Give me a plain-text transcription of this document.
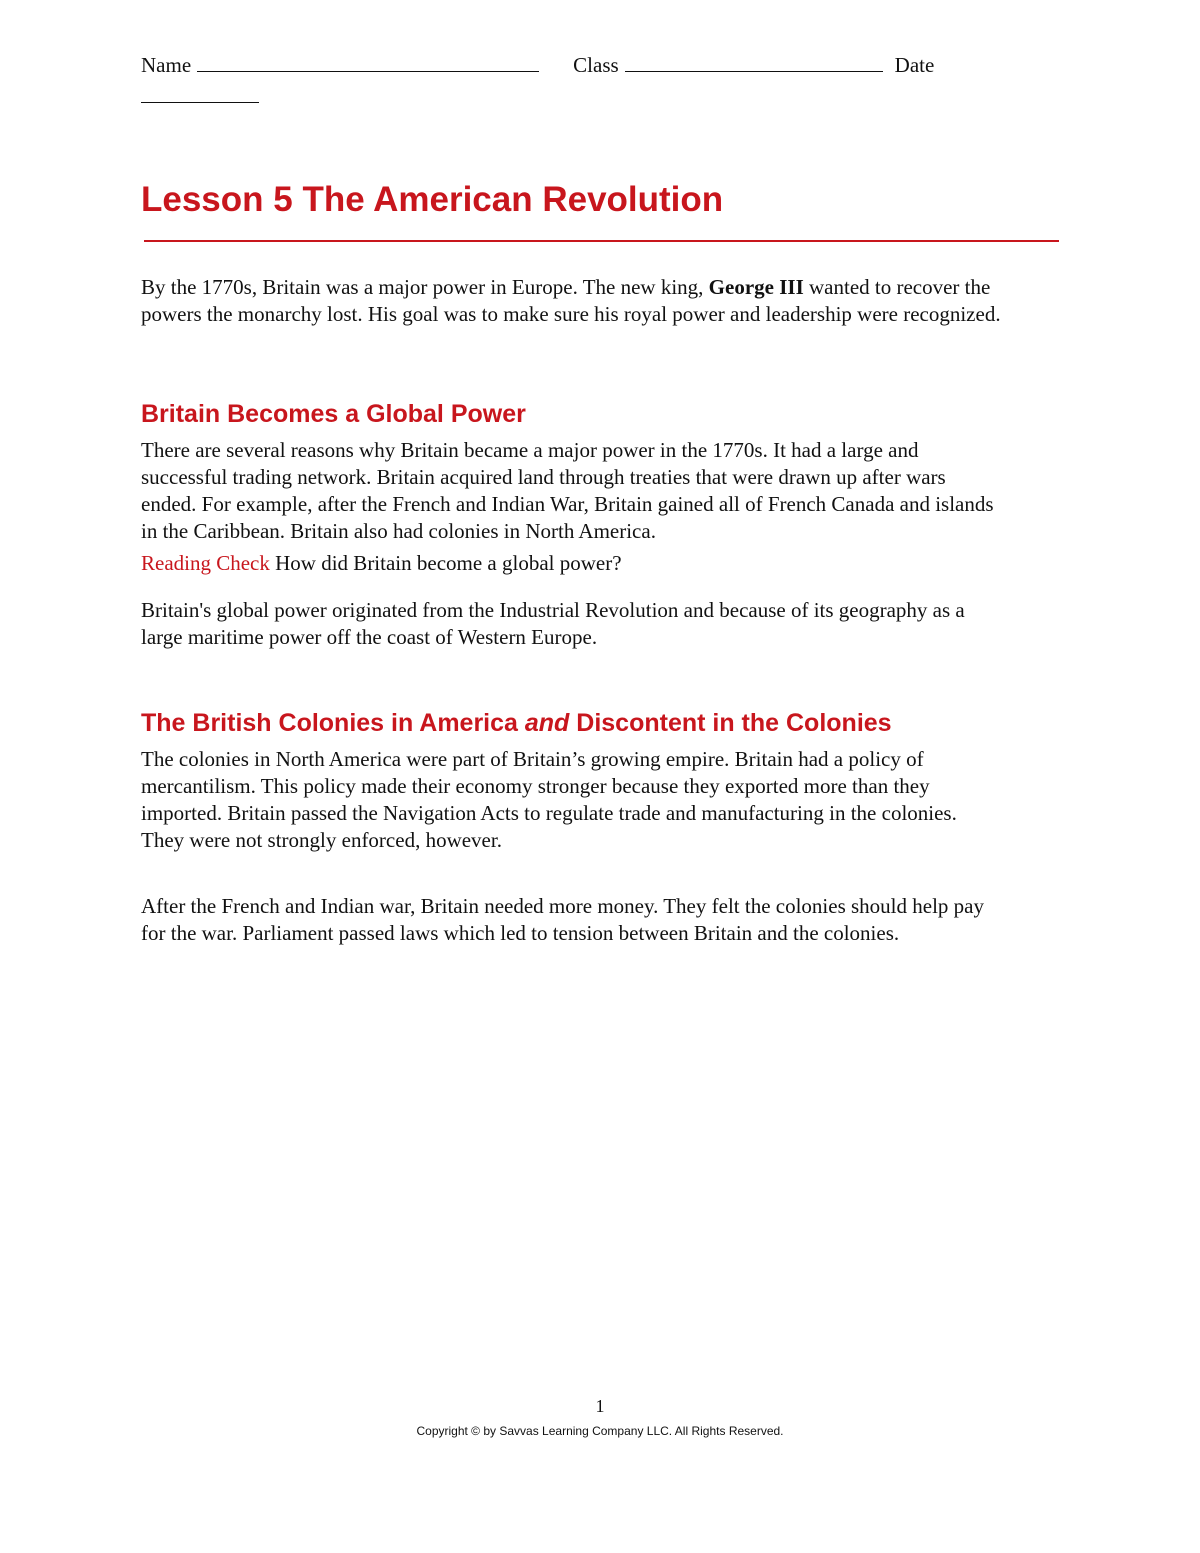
Name	Class	Date
Lesson 5 The American Revolution

By the 1770s, Britain was a major power in Europe. The new king, George III wanted to recover the powers the monarchy lost. His goal was to make sure his royal power and leadership were recognized.

Britain Becomes a Global Power

There are several reasons why Britain became a major power in the 1770s. It had a large and successful trading network. Britain acquired land through treaties that were drawn up after wars ended. For example, after the French and Indian War, Britain gained all of French Canada and islands in the Caribbean. Britain also had colonies in North America.

Reading Check How did Britain become a global power?

Britain's global power originated from the Industrial Revolution and because of its geography as a large maritime power off the coast of Western Europe.

The British Colonies in America and Discontent in the Colonies

The colonies in North America were part of Britain’s growing empire. Britain had a policy of mercantilism. This policy made their economy stronger because they exported more than they imported. Britain passed the Navigation Acts to regulate trade and manufacturing in the colonies. They were not strongly enforced, however.

After the French and Indian war, Britain needed more money. They felt the colonies should help pay for the war. Parliament passed laws which led to tension between Britain and the colonies.

1
Copyright © by Savvas Learning Company LLC. All Rights Reserved.
